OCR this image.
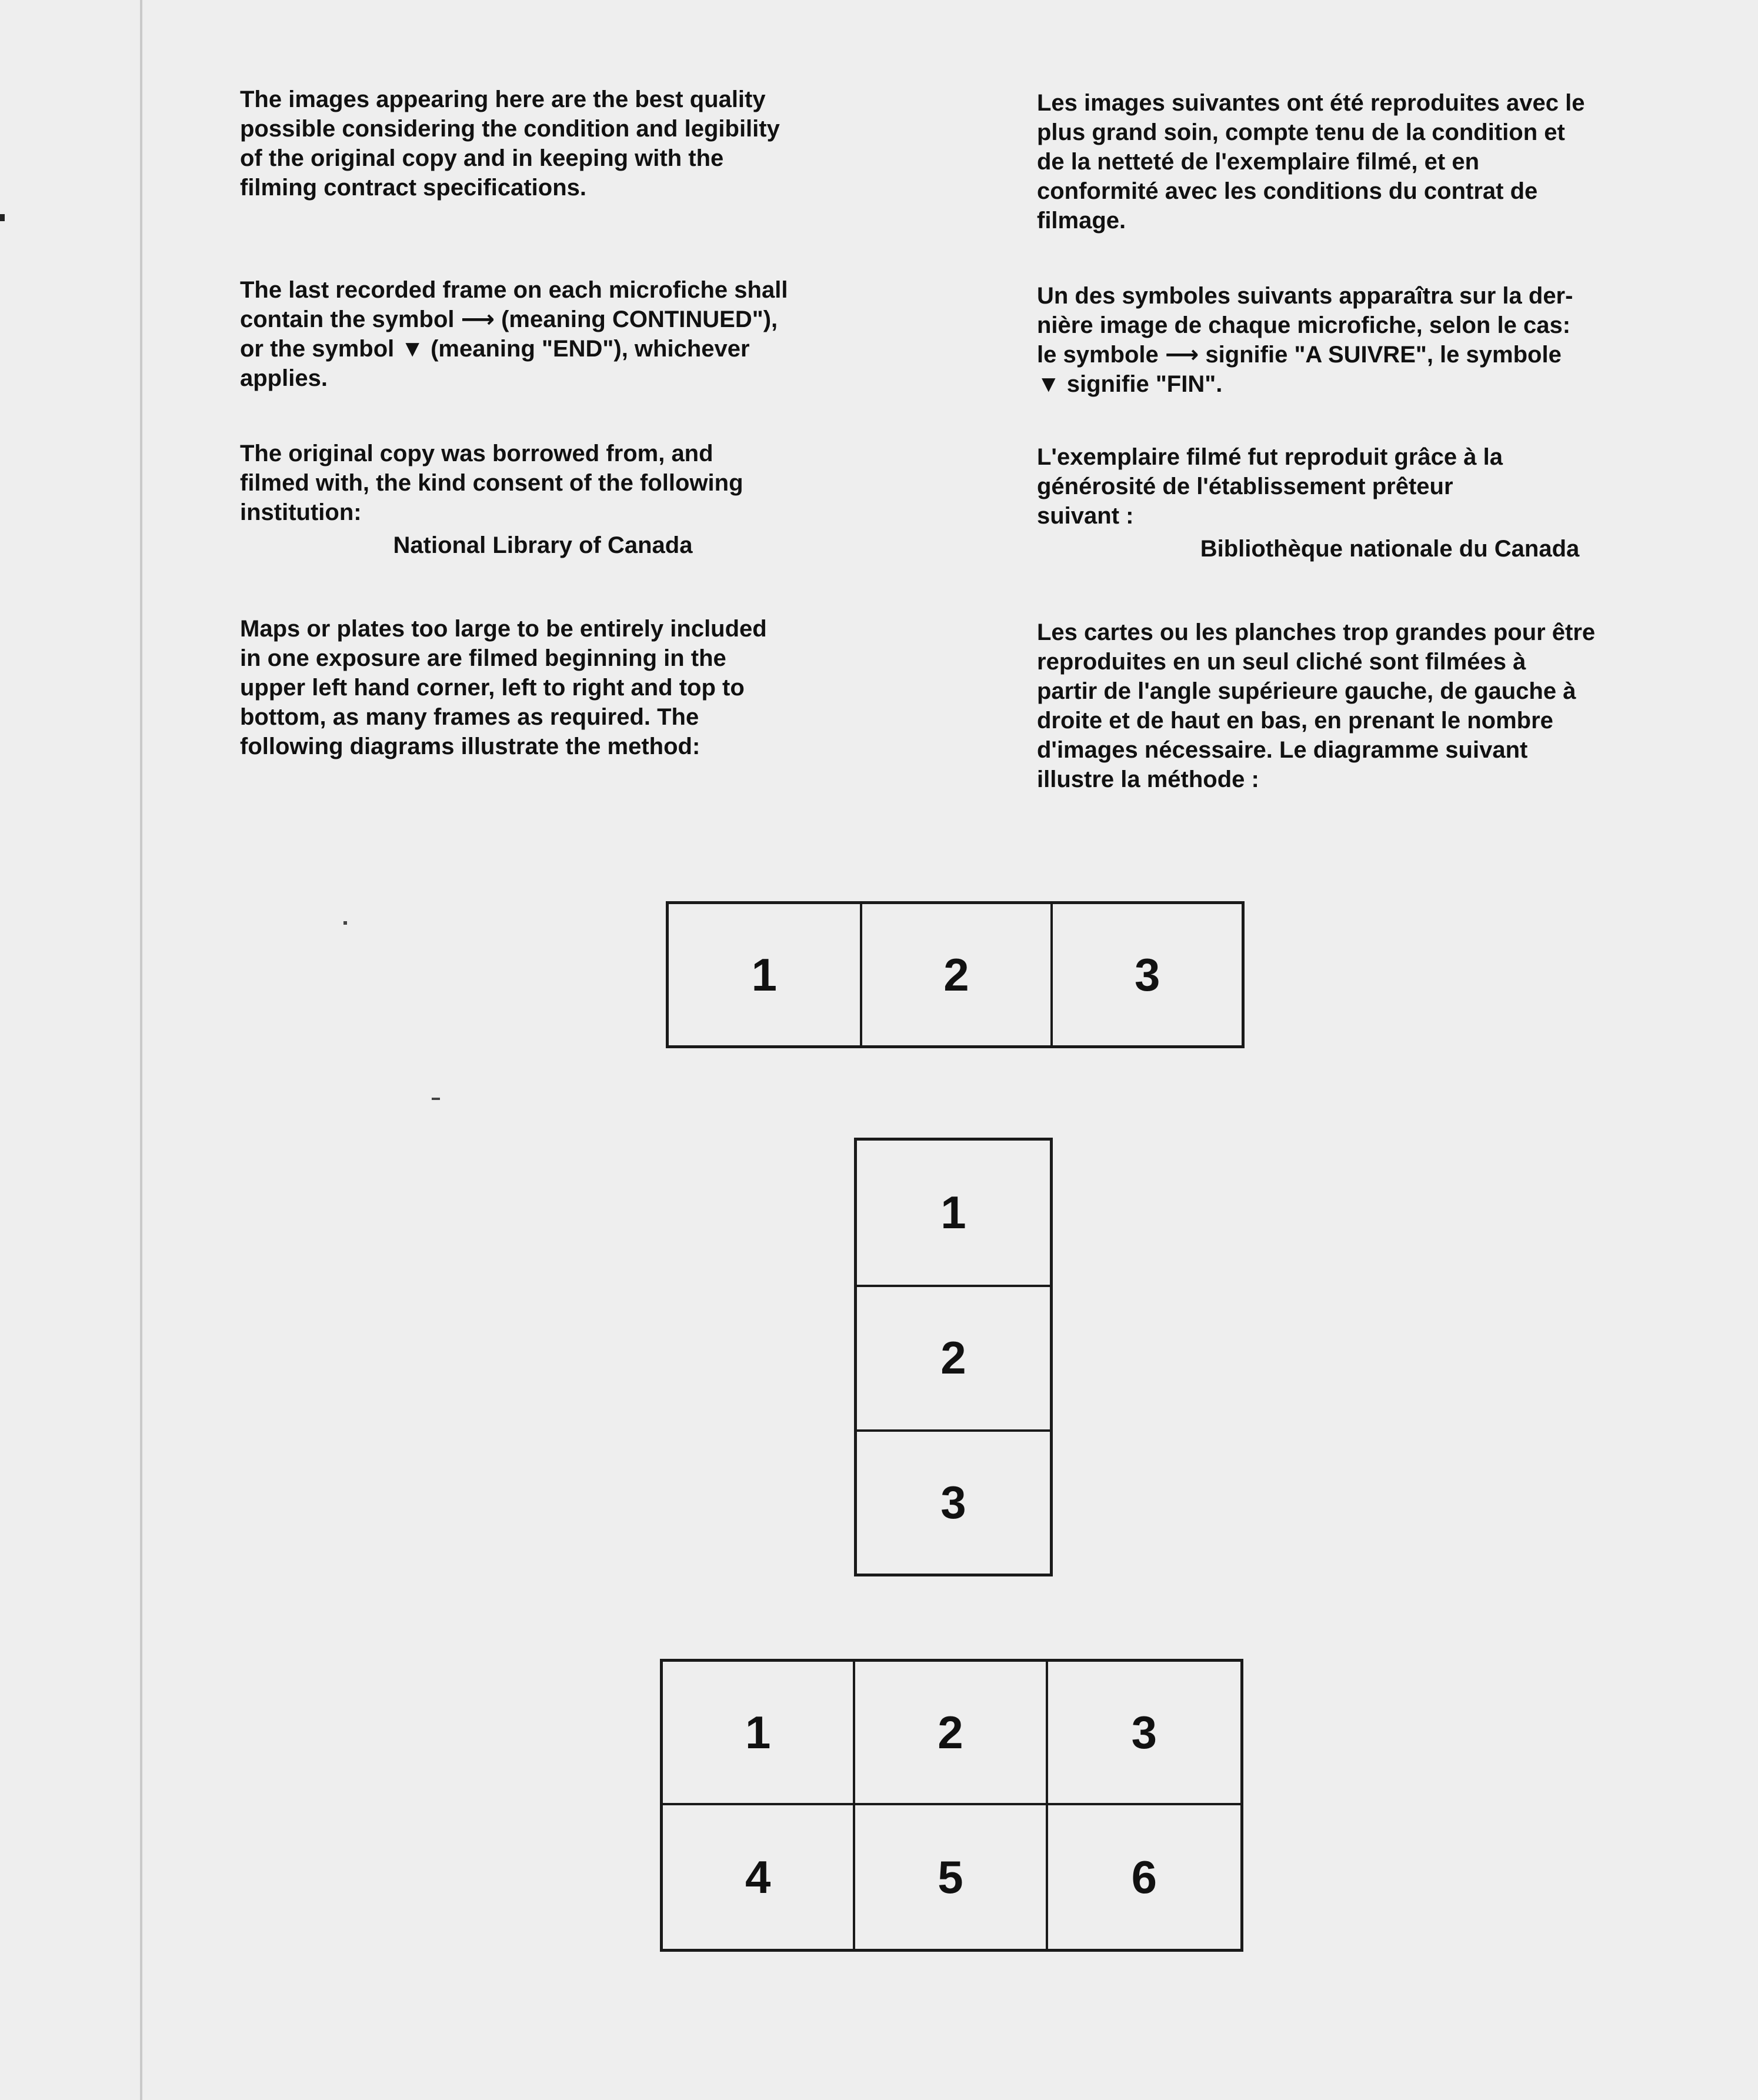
The images appearing here are the best quality
possible considering the condition and legibility
of the original copy and in keeping with the
filming contract specifications.

The last recorded frame on each microfiche shall
contain the symbol ⟶ (meaning CONTINUED"),
or the symbol ▼ (meaning "END"), whichever
applies.

The original copy was borrowed from, and
filmed with, the kind consent of the following
institution:

National Library of Canada

Maps or plates too large to be entirely included
in one exposure are filmed beginning in the
upper left hand corner, left to right and top to
bottom, as many frames as required. The
following diagrams illustrate the method:

Les images suivantes ont été reproduites avec le
plus grand soin, compte tenu de la condition et
de la netteté de l'exemplaire filmé, et en
conformité avec les conditions du contrat de
filmage.

Un des symboles suivants apparaîtra sur la der-
nière image de chaque microfiche, selon le cas:
le symbole ⟶ signifie "A SUIVRE", le symbole
▼ signifie "FIN".

L'exemplaire filmé fut reproduit grâce à la
générosité de l'établissement prêteur
suivant :

Bibliothèque nationale du Canada

Les cartes ou les planches trop grandes pour être
reproduites en un seul cliché sont filmées à
partir de l'angle supérieure gauche, de gauche à
droite et de haut en bas, en prenant le nombre
d'images nécessaire. Le diagramme suivant
illustre la méthode :

1	2	3
1
2
3
1	2	3
4	5	6
